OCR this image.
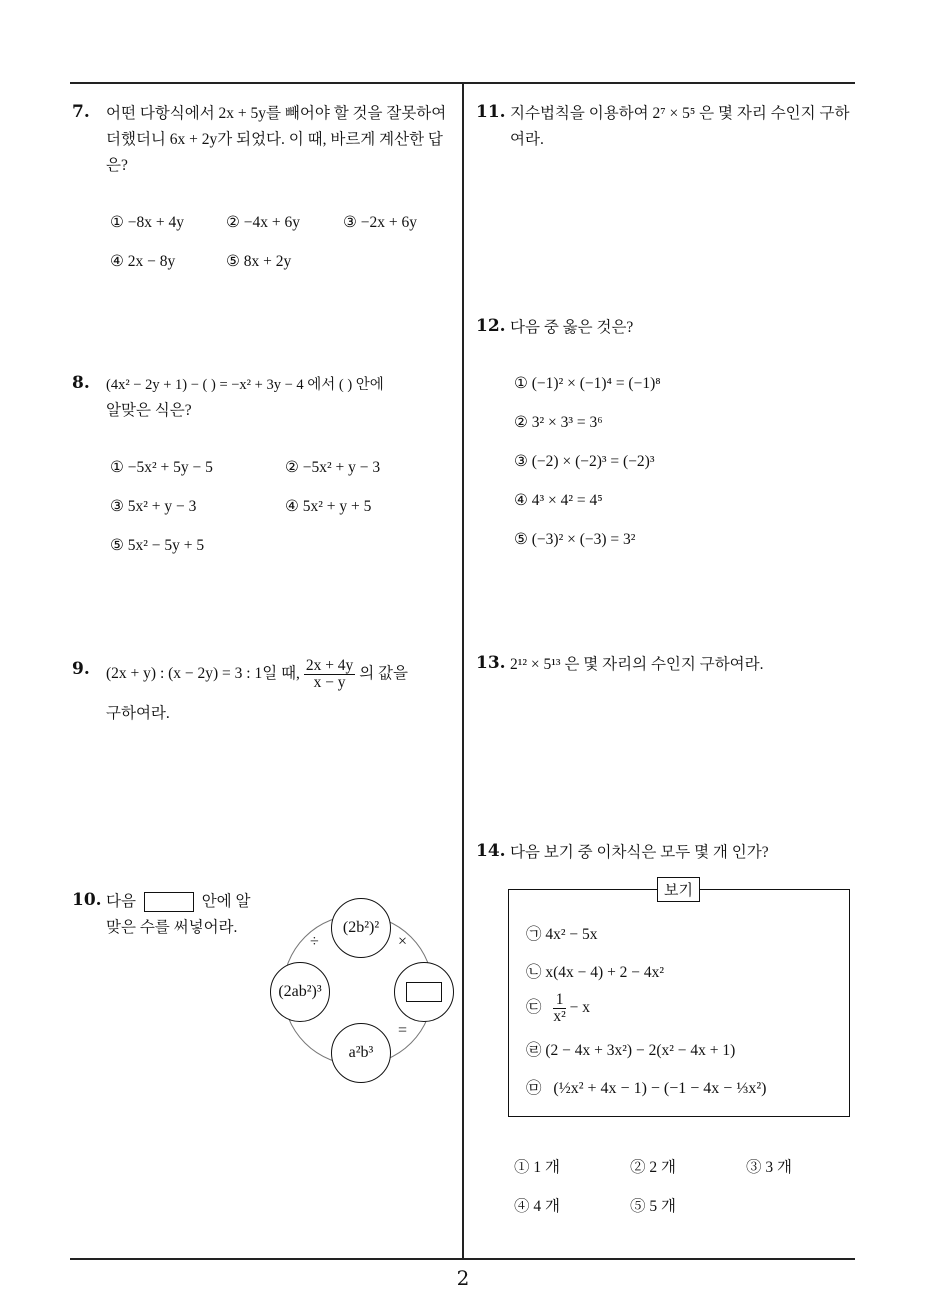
7. 어떤 다항식에서 2x + 5y를 빼어야 할 것을 잘못하여
더했더니 6x + 2y가 되었다. 이 때, 바르게 계산한 답
은?
① −8x + 4y	② −4x + 6y	③ −2x + 6y
④ 2x − 8y	⑤ 8x + 2y
8. (4x² − 2y + 1) − ( ) = −x² + 3y − 4 에서 ( ) 안에
알맞은 식은?
① −5x² + 5y − 5	② −5x² + y − 3
③ 5x² + y − 3	④ 5x² + y + 5
⑤ 5x² − 5y + 5
9. (2x + y) : (x − 2y) = 3 : 1일 때, $\frac{2x + 4y}{x - y}$ 의 값을
구하여라.
10. 다음	안에 알
맞은 수를 써넣어라.	(2b²)²
(2ab²)³
a²b³
÷	×
=
11. 지수법칙을 이용하여 2⁷ × 5⁵ 은 몇 자리 수인지 구하
여라.
12. 다음 중 옳은 것은?
① (−1)² × (−1)⁴ = (−1)⁸
② 3² × 3³ = 3⁶
③ (−2) × (−2)³ = (−2)³
④ 4³ × 4² = 4⁵
⑤ (−3)² × (−3) = 3²
13. 2¹² × 5¹³ 은 몇 자리의 수인지 구하여라.
14. 다음 보기 중 이차식은 모두 몇 개 인가?
보기
㉠ 4x² − 5x
㉡ x(4x − 4) + 2 − 4x²
㉢ $\frac{1}{\text{x²}} - x$
㉣ (2 − 4x + 3x²) − 2(x² − 4x + 1)
㉤ (½x² + 4x − 1) − (−1 − 4x − ⅓x²)
① 1 개	② 2 개	③ 3 개
④ 4 개	⑤ 5 개
2
